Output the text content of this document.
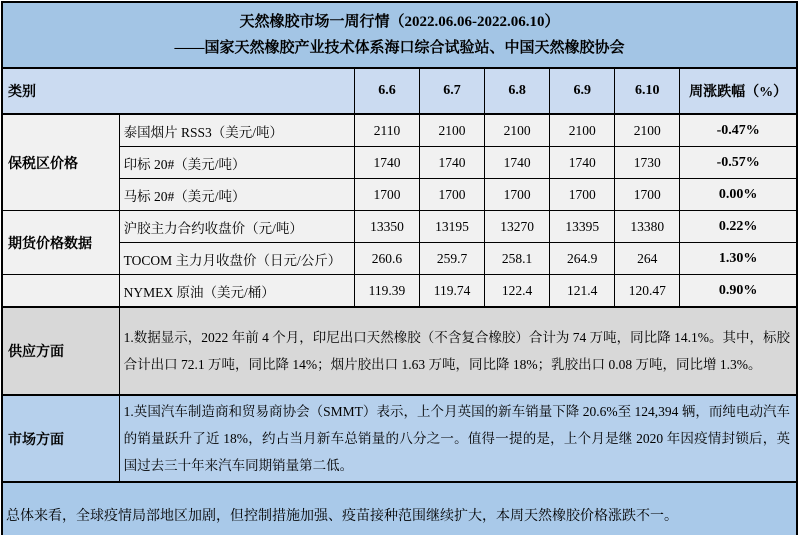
天然橡胶市场一周行情（2022.06.06-2022.06.10）
——国家天然橡胶产业技术体系海口综合试验站、中国天然橡胶协会							

类别		6.6	6.7	6.8	6.9	6.10	周涨跌幅（%）
保税区价格	泰国烟片 RSS3（美元/吨）	2110	2100	2100	2100	2100	-0.47%
	印标 20#（美元/吨）	1740	1740	1740	1740	1730	-0.57%
	马标 20#（美元/吨）	1700	1700	1700	1700	1700	0.00%
期货价格数据	沪胶主力合约收盘价（元/吨）	13350	13195	13270	13395	13380	0.22%
	TOCOM 主力月收盘价（日元/公斤）	260.6	259.7	258.1	264.9	264	1.30%
	NYMEX 原油（美元/桶）	119.39	119.74	122.4	121.4	120.47	0.90%
供应方面	1.数据显示，2022 年前 4 个月，印尼出口天然橡胶（不含复合橡胶）合计为 74 万吨，同比降 14.1%。其中，标胶合计出口 72.1 万吨，同比降 14%；烟片胶出口 1.63 万吨，同比降 18%；乳胶出口 0.08 万吨，同比增 1.3%。						
市场方面	1.英国汽车制造商和贸易商协会（SMMT）表示，上个月英国的新车销量下降 20.6%至 124,394 辆，而纯电动汽车的销量跃升了近 18%，约占当月新车总销量的八分之一。值得一提的是，上个月是继 2020 年因疫情封锁后，英国过去三十年来汽车同期销量第二低。						
总体来看，全球疫情局部地区加剧，但控制措施加强、疫苗接种范围继续扩大，本周天然橡胶价格涨跌不一。							
